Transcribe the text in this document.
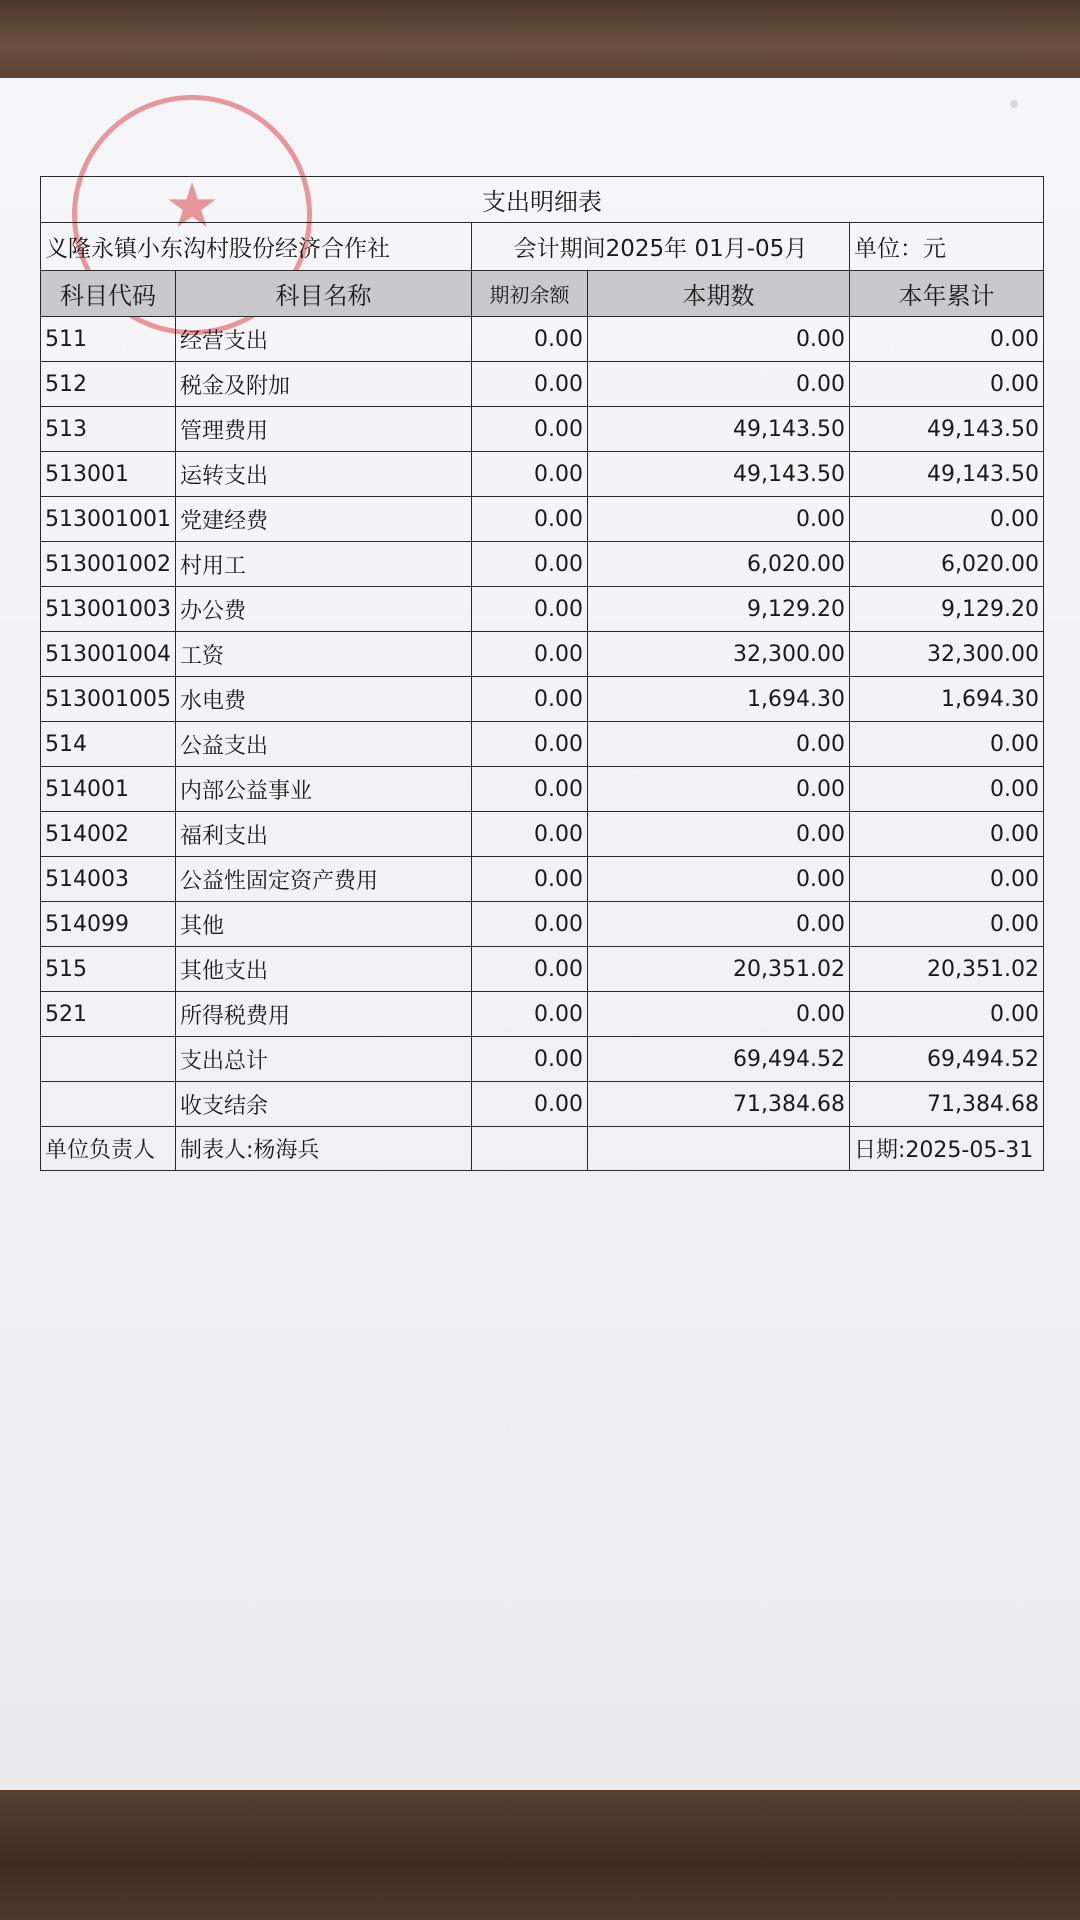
★	支出明细表				
义隆永镇小东沟村股份经济合作社		会计期间2025年 01月-05月		单位：元
科目代码	科目名称	期初余额	本期数	本年累计
511	经营支出	0.00	0.00	0.00
512	税金及附加	0.00	0.00	0.00
513	管理费用	0.00	49,143.50	49,143.50
513001	运转支出	0.00	49,143.50	49,143.50
513001001	党建经费	0.00	0.00	0.00
513001002	村用工	0.00	6,020.00	6,020.00
513001003	办公费	0.00	9,129.20	9,129.20
513001004	工资	0.00	32,300.00	32,300.00
513001005	水电费	0.00	1,694.30	1,694.30
514	公益支出	0.00	0.00	0.00
514001	内部公益事业	0.00	0.00	0.00
514002	福利支出	0.00	0.00	0.00
514003	公益性固定资产费用	0.00	0.00	0.00
514099	其他	0.00	0.00	0.00
515	其他支出	0.00	20,351.02	20,351.02
521	所得税费用	0.00	0.00	0.00
	支出总计	0.00	69,494.52	69,494.52
	收支结余	0.00	71,384.68	71,384.68
单位负责人	制表人:杨海兵			日期:2025-05-31
